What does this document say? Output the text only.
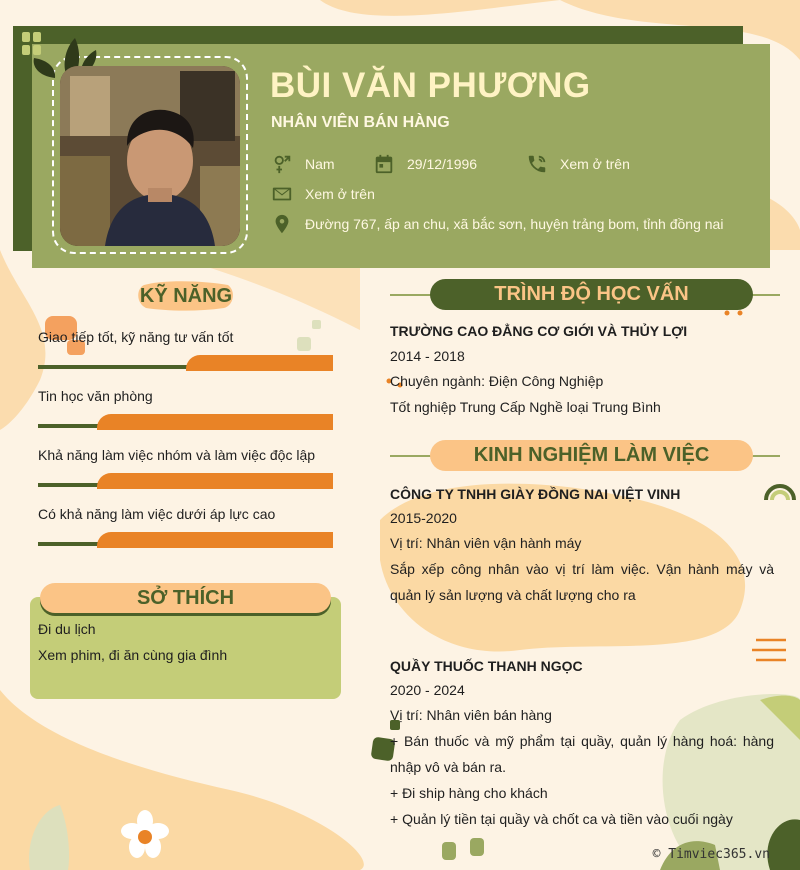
BÙI VĂN PHƯƠNG
NHÂN VIÊN BÁN HÀNG
Nam	29/12/1996	Xem ở trên
Xem ở trên
Đường 767, ấp an chu, xã bắc sơn, huyện trảng bom, tỉnh đồng nai
KỸ NĂNG
Giao tiếp tốt, kỹ năng tư vấn tốt
Tin học văn phòng
Khả năng làm việc nhóm và làm việc độc lập
Có khả năng làm việc dưới áp lực cao
SỞ THÍCH
Đi du lịch
Xem phim, đi ăn cùng gia đình
TRÌNH ĐỘ HỌC VẤN
TRƯỜNG CAO ĐẲNG CƠ GIỚI VÀ THỦY LỢI
2014 - 2018
Chuyên ngành: Điện Công Nghiệp
Tốt nghiệp Trung Cấp Nghề loại Trung Bình
KINH NGHIỆM LÀM VIỆC
CÔNG TY TNHH GIÀY ĐỒNG NAI VIỆT VINH
2015-2020
Vị trí: Nhân viên vận hành máy
Sắp xếp công nhân vào vị trí làm việc. Vận hành máy và quản lý sản lượng và chất lượng cho ra
QUẦY THUỐC THANH NGỌC
2020 - 2024
Vị trí: Nhân viên bán hàng
+ Bán thuốc và mỹ phẩm tại quầy, quản lý hàng hoá: hàng nhập vô và bán ra.
+ Đi ship hàng cho khách
+ Quản lý tiền tại quầy và chốt ca và tiền vào cuối ngày
© Timviec365.vn
